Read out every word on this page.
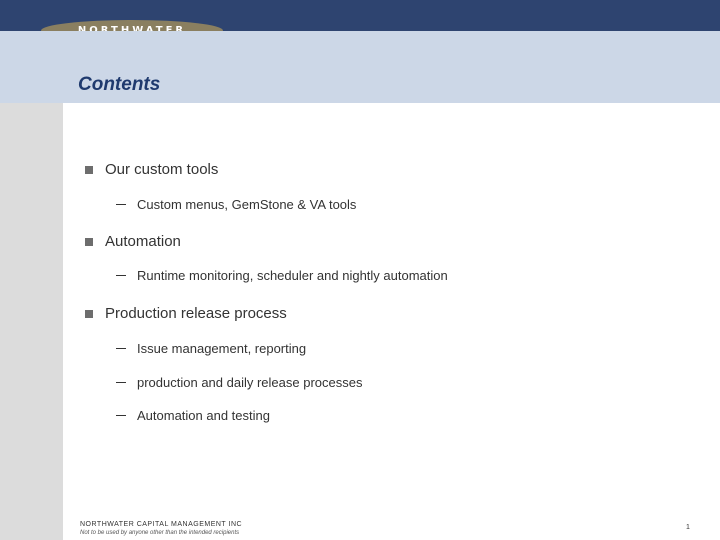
Contents
Our custom tools
Custom menus, GemStone & VA tools
Automation
Runtime monitoring, scheduler and nightly automation
Production release process
Issue management, reporting
production and daily release processes
Automation and testing
NORTHWATER CAPITAL MANAGEMENT INC
Not to be used by anyone other than the intended recipients
1
